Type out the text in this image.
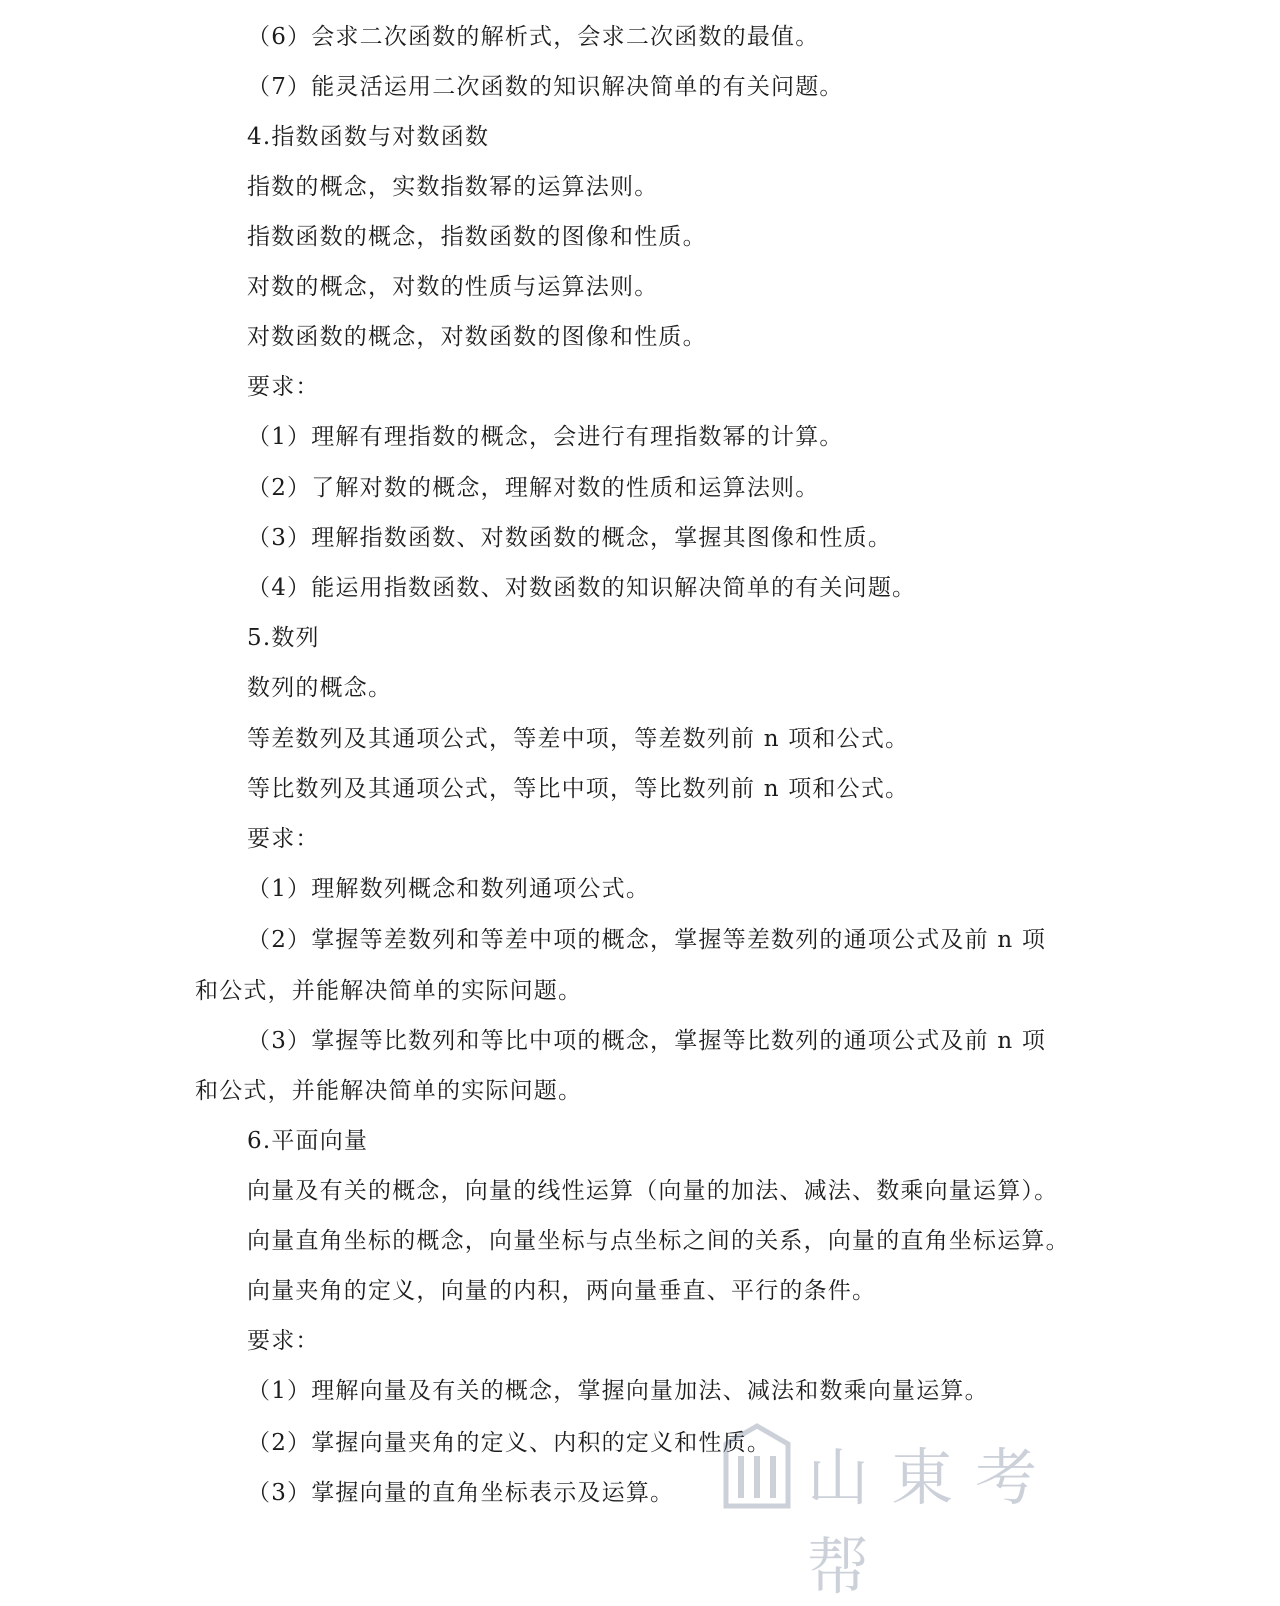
（6）会求二次函数的解析式，会求二次函数的最值。
（7）能灵活运用二次函数的知识解决简单的有关问题。
4.指数函数与对数函数
指数的概念，实数指数幂的运算法则。
指数函数的概念，指数函数的图像和性质。
对数的概念，对数的性质与运算法则。
对数函数的概念，对数函数的图像和性质。
要求：
（1）理解有理指数的概念，会进行有理指数幂的计算。
（2）了解对数的概念，理解对数的性质和运算法则。
（3）理解指数函数、对数函数的概念，掌握其图像和性质。
（4）能运用指数函数、对数函数的知识解决简单的有关问题。
5.数列
数列的概念。
等差数列及其通项公式，等差中项，等差数列前 n 项和公式。
等比数列及其通项公式，等比中项，等比数列前 n 项和公式。
要求：
（1）理解数列概念和数列通项公式。
（2）掌握等差数列和等差中项的概念，掌握等差数列的通项公式及前 n 项
和公式，并能解决简单的实际问题。
（3）掌握等比数列和等比中项的概念，掌握等比数列的通项公式及前 n 项
和公式，并能解决简单的实际问题。
6.平面向量
向量及有关的概念，向量的线性运算（向量的加法、减法、数乘向量运算）。
向量直角坐标的概念，向量坐标与点坐标之间的关系，向量的直角坐标运算。
向量夹角的定义，向量的内积，两向量垂直、平行的条件。
要求：
（1）理解向量及有关的概念，掌握向量加法、减法和数乘向量运算。
（2）掌握向量夹角的定义、内积的定义和性质。
（3）掌握向量的直角坐标表示及运算。 山東考帮
